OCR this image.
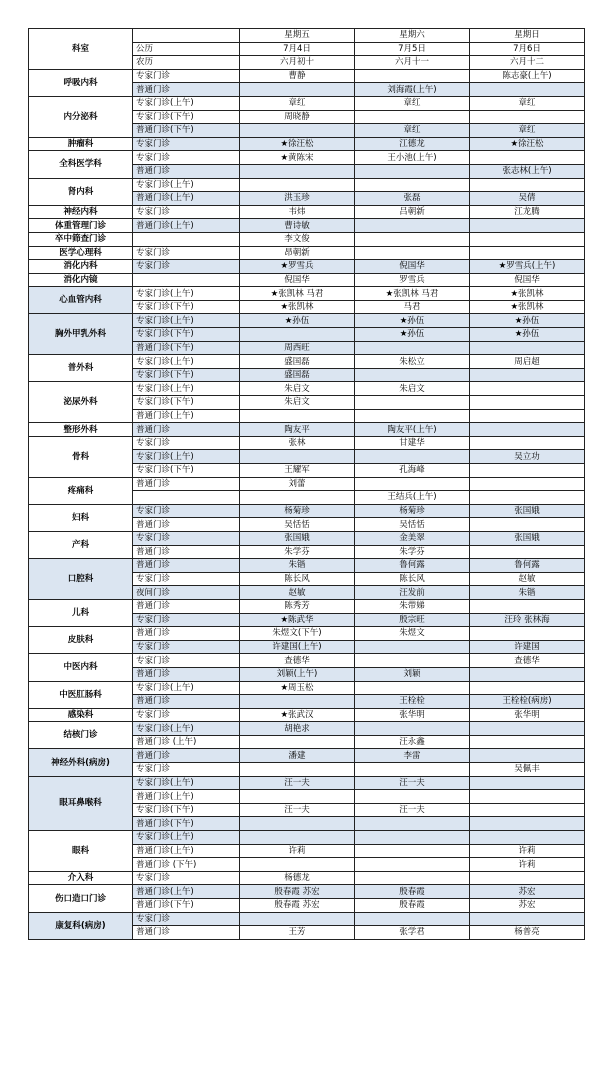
科室		星期五	星期六	星期日
	公历	7月4日	7月5日	7月6日
	农历	六月初十	六月十一	六月十二
呼吸内科	专家门诊	曹静		陈志豪(上午)
	普通门诊		刘海霞(上午)	
内分泌科	专家门诊(上午)	章红	章红	章红
	专家门诊(下午)	周晓静		
	普通门诊(下午)		章红	章红
肿瘤科	专家门诊	★徐汪松	江德龙	★徐汪松
全科医学科	专家门诊	★黄陈宋	王小池(上午)	
	普通门诊			张志林(上午)
肾内科	专家门诊(上午)			
	普通门诊(上午)	洪玉珍	张磊	吴倩
神经内科	专家门诊	韦炜	吕朝新	江龙腾
体重管理门诊	普通门诊(上午)	曹诗敏		
卒中筛查门诊		李文俊		
医学心理科	专家门诊	昂朝新		
消化内科	专家门诊	★罗雪兵	倪国华	★罗雪兵(上午)
消化内镜		倪国华	罗雪兵	倪国华
心血管内科	专家门诊(上午)	★张凯林 马君	★张凯林 马君	★张凯林
	专家门诊(下午)	★张凯林	马君	★张凯林
胸外甲乳外科	专家门诊(上午)	★孙伍	★孙伍	★孙伍
	专家门诊(下午)		★孙伍	★孙伍
	普通门诊(下午)	周西旺		
普外科	专家门诊(上午)	盛国磊	朱松立	周启超
	专家门诊(下午)	盛国磊		
泌尿外科	专家门诊(上午)	朱启文	朱启文	
	专家门诊(下午)	朱启文		
	普通门诊(上午)			
整形外科	普通门诊	陶友平	陶友平(上午)	
骨科	专家门诊	张林	甘建华	
	专家门诊(上午)			吴立功
	专家门诊(下午)	王耀军	孔海峰	
疼痛科	普通门诊	刘蕾		
			王结兵(上午)	
妇科	专家门诊	杨菊珍	杨菊珍	张国娥
	普通门诊	吴恬恬	吴恬恬	
产科	专家门诊	张国娥	金美翠	张国娥
	普通门诊	朱学芬	朱学芬	
口腔科	普通门诊	朱锴	鲁何露	鲁何露
	专家门诊	陈长风	陈长风	赵敏
	夜间门诊	赵敏	汪发前	朱锴
儿科	普通门诊	陈秀芳	朱带娣	
	专家门诊	★陈武华	殷宗旺	汪玲 张林海
皮肤科	普通门诊	朱煜文(下午)	朱煜文	
	专家门诊	许建国(上午)		许建国
中医内科	专家门诊	查德华		查德华
	普通门诊	刘颖(上午)	刘颖	
中医肛肠科	专家门诊(上午)	★周玉松		
	普通门诊		王栓栓	王栓栓(病房)
感染科	专家门诊	★张武汉	张华明	张华明
结核门诊	专家门诊(上午)	胡艳求		
	普通门诊 (上午)		汪永鑫	
神经外科(病房)	普通门诊	潘建	李雷	
	专家门诊			吴佩丰
眼耳鼻喉科	专家门诊(上午)	汪一夫	汪一夫	
	普通门诊(上午)			
	专家门诊(下午)	汪一夫	汪一夫	
	普通门诊(下午)			
眼科	专家门诊(上午)			
	普通门诊(上午)	许莉		许莉
	普通门诊 (下午)			许莉
介入科	专家门诊	杨德龙		
伤口造口门诊	普通门诊(上午)	殷春霞 苏宏	殷春霞	苏宏
	普通门诊(下午)	殷春霞 苏宏	殷春霞	苏宏
康复科(病房)	专家门诊			
	普通门诊	王芳	张学君	杨普亮
